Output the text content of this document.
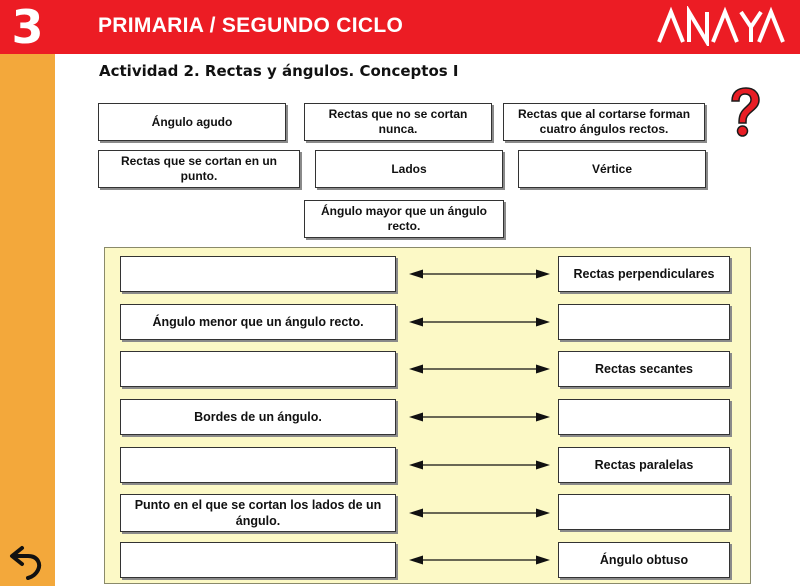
3	PRIMARIA / SEGUNDO CICLO
Actividad 2. Rectas y ángulos. Conceptos I
Ángulo agudo
Rectas que no se cortan nunca.
Rectas que al cortarse forman cuatro ángulos rectos.
Rectas que se cortan en un punto.
Lados	Vértice
Ángulo mayor que un ángulo recto.
Rectas perpendiculares
Ángulo menor que un ángulo recto.
Rectas secantes
Bordes de un ángulo.
Rectas paralelas
Punto en el que se cortan los lados de un ángulo.
Ángulo obtuso
